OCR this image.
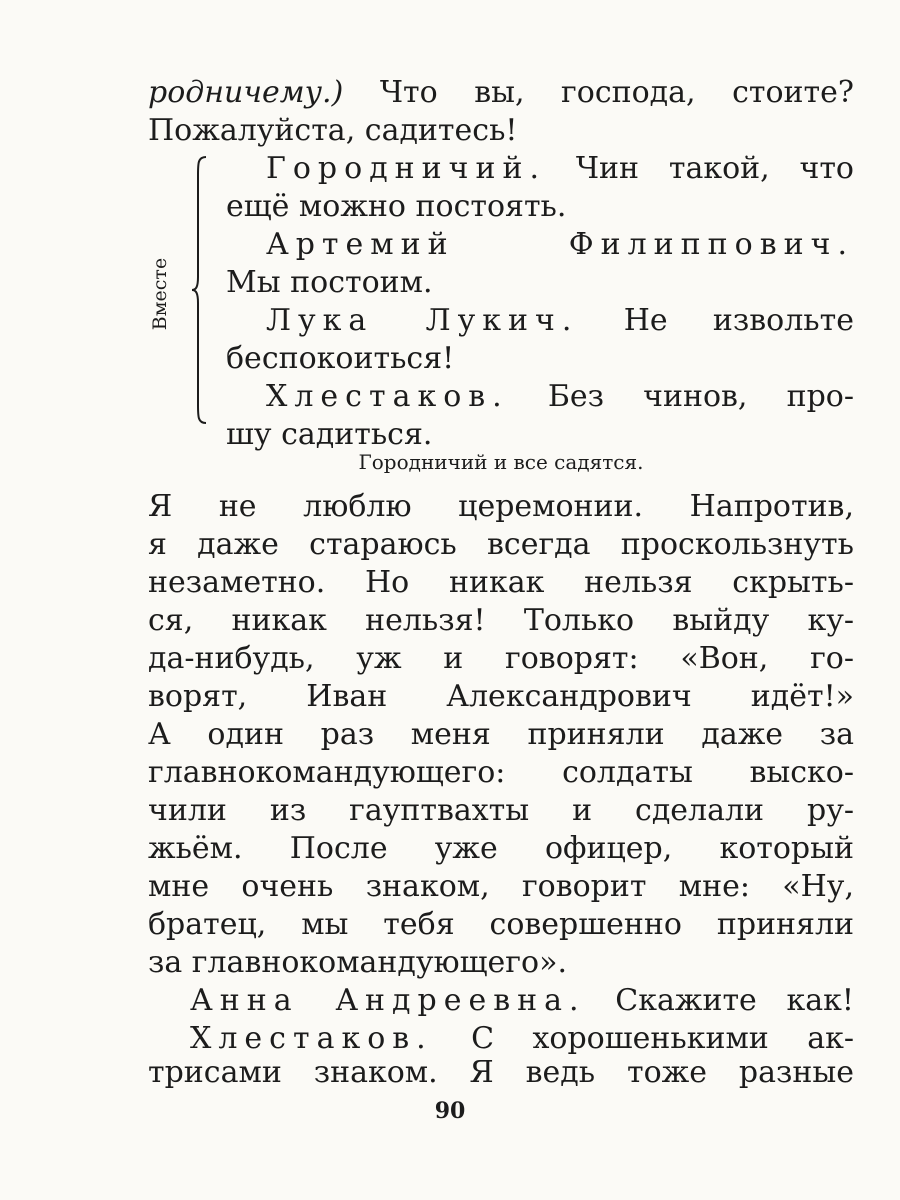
родничему.) Что вы, господа, стоите?
Пожалуйста, садитесь!
Вместе
Городничий. Чин такой, что
ещё можно постоять.
Артемий Филиппович.
Мы постоим.
Лука Лукич. Не извольте
беспокоиться!
Хлестаков. Без чинов, про-
шу садиться.
Городничий и все садятся.
Я не люблю церемонии. Напротив,
я даже стараюсь всегда проскользнуть
незаметно. Но никак нельзя скрыть-
ся, никак нельзя! Только выйду ку-
да-нибудь, уж и говорят: «Вон, го-
ворят, Иван Александрович идёт!»
А один раз меня приняли даже за
главнокомандующего: солдаты выско-
чили из гауптвахты и сделали ру-
жьём. После уже офицер, который
мне очень знаком, говорит мне: «Ну,
братец, мы тебя совершенно приняли
за главнокомандующего».
Анна Андреевна. Скажите как!
Хлестаков. С хорошенькими ак-
трисами знаком. Я ведь тоже разные
90
